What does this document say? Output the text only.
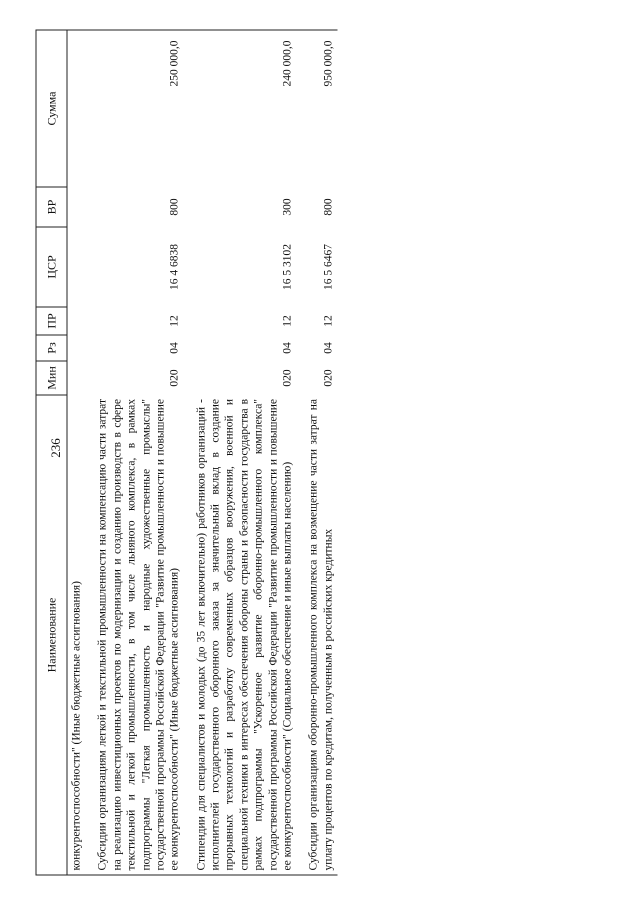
236
Наименование	Мин	Рз	ПР	ЦСР	ВР	Сумма
конкурентоспособности" (Иные бюджетные ассигнования)						
Субсидии организациям легкой и текстильной промышленности на компенсацию части затрат на реализацию инвестиционных проектов по модернизации и созданию производств в сфере текстильной и легкой промышленности, в том числе льняного комплекса, в рамках подпрограммы "Легкая промышленность и народные художественные промыслы" государственной программы Российской Федерации "Развитие промышленности и повышение ее конкурентоспособности" (Иные бюджетные ассигнования)	020	04	12	16 4 6838	800	250 000,0
Стипендии для специалистов и молодых (до 35 лет включительно) работников организаций - исполнителей государственного оборонного заказа за значительный вклад в создание прорывных технологий и разработку современных образцов вооружения, военной и специальной техники в интересах обеспечения обороны страны и безопасности государства в рамках подпрограммы "Ускоренное развитие оборонно-промышленного комплекса" государственной программы Российской Федерации "Развитие промышленности и повышение ее конкурентоспособности" (Социальное обеспечение и иные выплаты населению)	020	04	12	16 5 3102	300	240 000,0
Субсидии организациям оборонно-промышленного комплекса на возмещение части затрат на уплату процентов по кредитам, полученным в российских кредитных	020	04	12	16 5 6467	800	950 000,0
